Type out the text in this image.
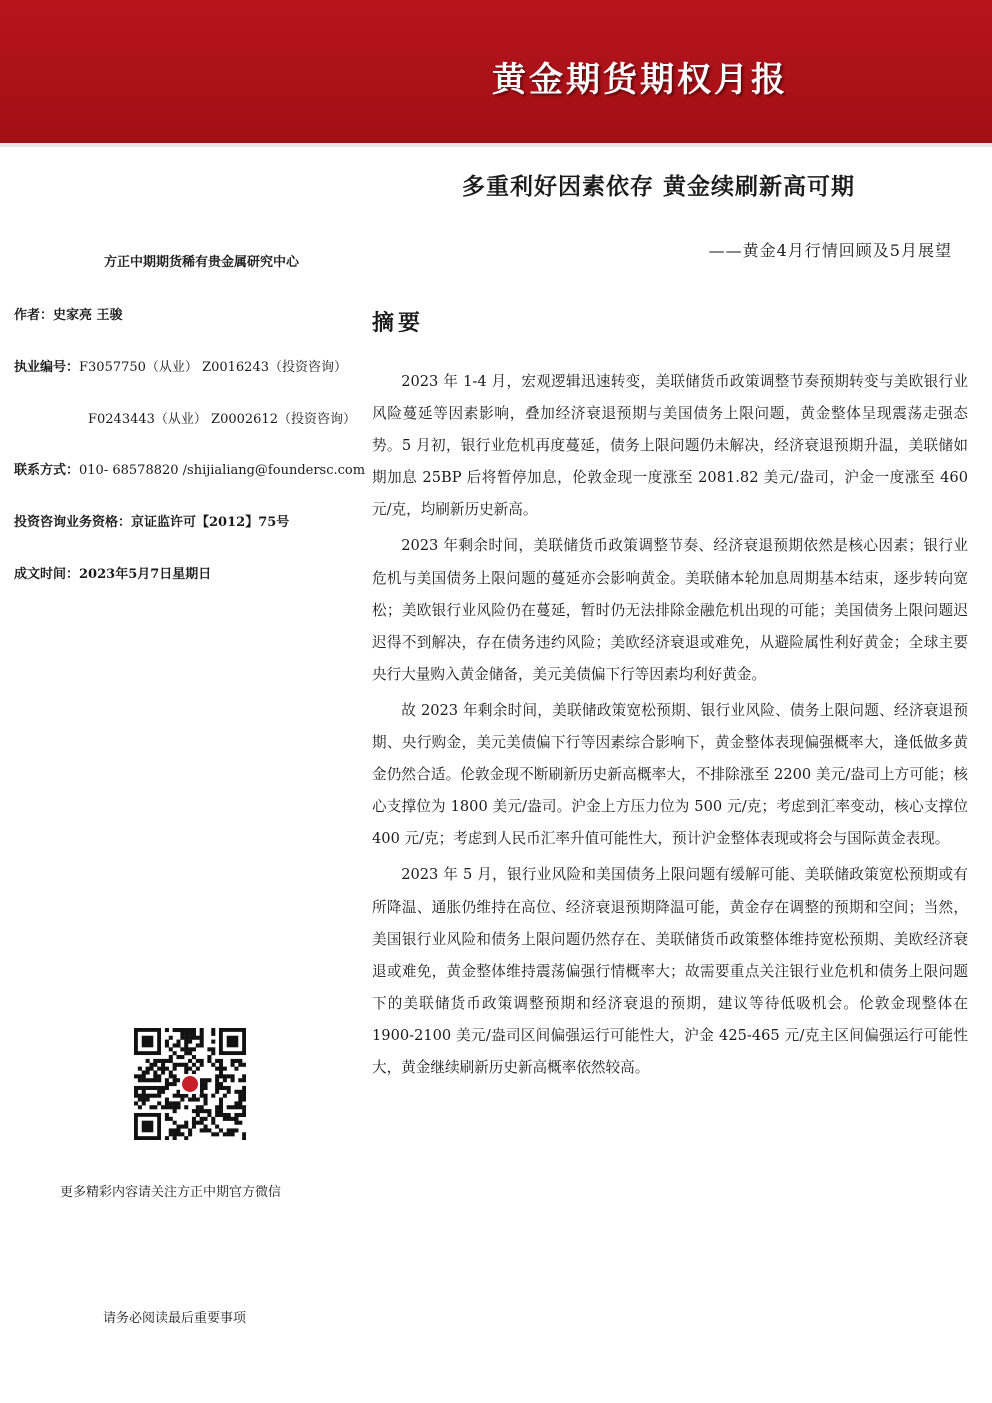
黄金期货期权月报
多重利好因素依存 黄金续刷新高可期
——黄金4月行情回顾及5月展望
方正中期期货稀有贵金属研究中心
作者：史家亮 王骏
执业编号：F3057750（从业） Z0016243（投资咨询）
F0243443（从业） Z0002612（投资咨询）
联系方式：010- 68578820 /shijialiang@foundersc.com
投资咨询业务资格：京证监许可【2012】75号
成文时间：2023年5月7日星期日
更多精彩内容请关注方正中期官方微信
请务必阅读最后重要事项
摘要

2023 年 1-4 月，宏观逻辑迅速转变，美联储货币政策调整节奏预期转变与美欧银行业风险蔓延等因素影响，叠加经济衰退预期与美国债务上限问题，黄金整体呈现震荡走强态势。5 月初，银行业危机再度蔓延，债务上限问题仍未解决，经济衰退预期升温，美联储如期加息 25BP 后将暂停加息，伦敦金现一度涨至 2081.82 美元/盎司，沪金一度涨至 460 元/克，均刷新历史新高。

2023 年剩余时间，美联储货币政策调整节奏、经济衰退预期依然是核心因素；银行业危机与美国债务上限问题的蔓延亦会影响黄金。美联储本轮加息周期基本结束，逐步转向宽松；美欧银行业风险仍在蔓延，暂时仍无法排除金融危机出现的可能；美国债务上限问题迟迟得不到解决，存在债务违约风险；美欧经济衰退或难免，从避险属性利好黄金；全球主要央行大量购入黄金储备，美元美债偏下行等因素均利好黄金。

故 2023 年剩余时间，美联储政策宽松预期、银行业风险、债务上限问题、经济衰退预期、央行购金，美元美债偏下行等因素综合影响下，黄金整体表现偏强概率大，逢低做多黄金仍然合适。伦敦金现不断刷新历史新高概率大，不排除涨至 2200 美元/盎司上方可能；核心支撑位为 1800 美元/盎司。沪金上方压力位为 500 元/克；考虑到汇率变动，核心支撑位 400 元/克；考虑到人民币汇率升值可能性大，预计沪金整体表现或将会与国际黄金表现。

2023 年 5 月，银行业风险和美国债务上限问题有缓解可能、美联储政策宽松预期或有所降温、通胀仍维持在高位、经济衰退预期降温可能，黄金存在调整的预期和空间；当然，美国银行业风险和债务上限问题仍然存在、美联储货币政策整体维持宽松预期、美欧经济衰退或难免，黄金整体维持震荡偏强行情概率大；故需要重点关注银行业危机和债务上限问题下的美联储货币政策调整预期和经济衰退的预期，建议等待低吸机会。伦敦金现整体在 1900-2100 美元/盎司区间偏强运行可能性大，沪金 425-465 元/克主区间偏强运行可能性大，黄金继续刷新历史新高概率依然较高。
